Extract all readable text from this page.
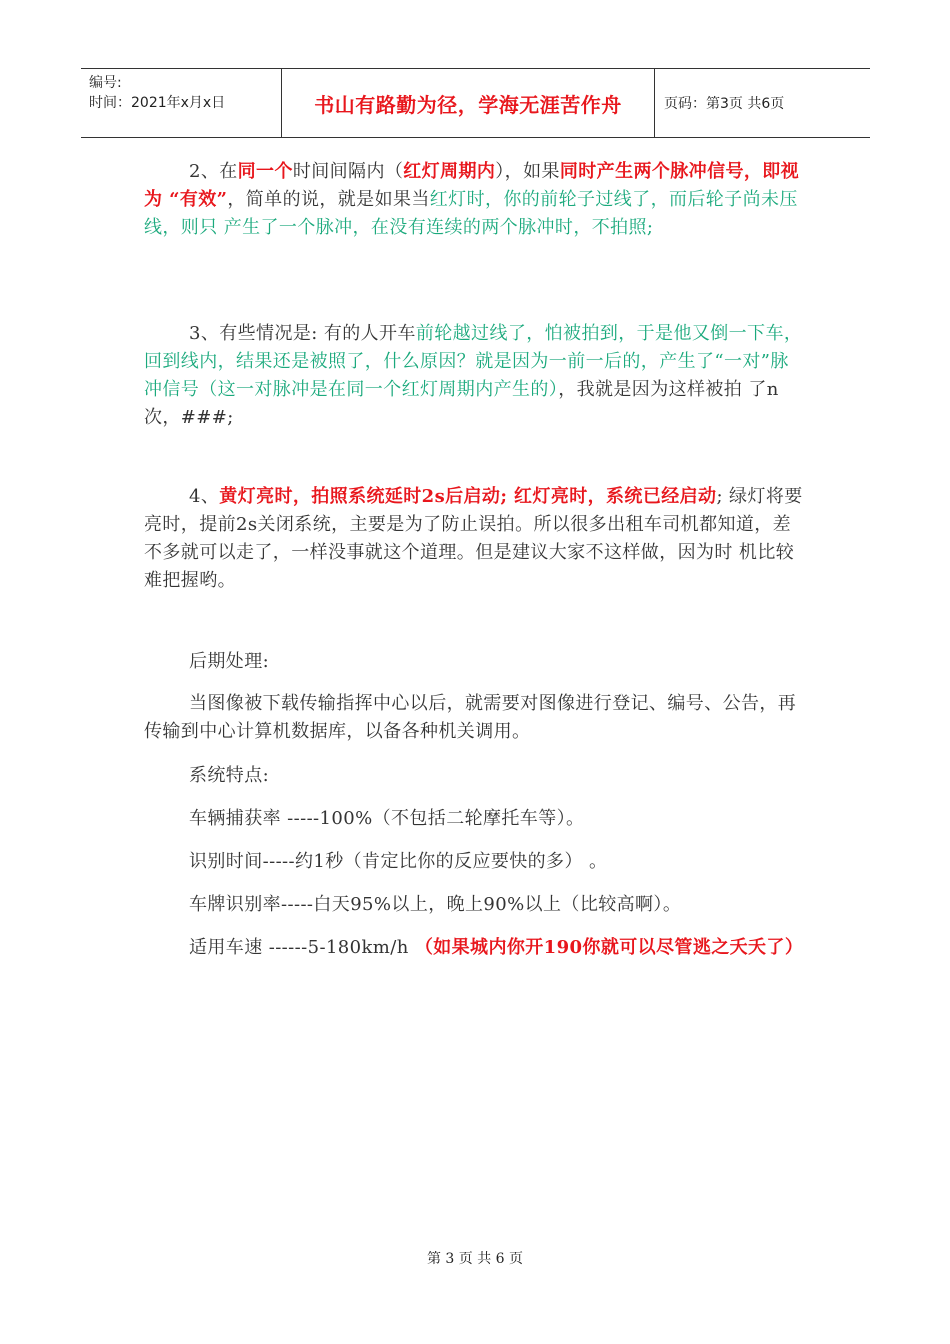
编号:
时间：2021年x月x日	书山有路勤为径，学海无涯苦作舟	页码：第3页 共6页

2、在同一个时间间隔内（红灯周期内），如果同时产生两个脉冲信号，即视为 “有效”，简单的说，就是如果当红灯时，你的前轮子过线了，而后轮子尚未压线，则只 产生了一个脉冲，在没有连续的两个脉冲时，不拍照;

3、有些情况是: 有的人开车前轮越过线了，怕被拍到，于是他又倒一下车，回到线内，结果还是被照了，什么原因？就是因为一前一后的，产生了“一对”脉冲信号（这一对脉冲是在同一个红灯周期内产生的），我就是因为这样被拍 了n次，###;

4、黄灯亮时，拍照系统延时2s后启动; 红灯亮时，系统已经启动; 绿灯将要亮时，提前2s关闭系统，主要是为了防止误拍。所以很多出租车司机都知道，差不多就可以走了，一样没事就这个道理。但是建议大家不这样做，因为时 机比较难把握哟。

后期处理:

当图像被下载传输指挥中心以后，就需要对图像进行登记、编号、公告，再传输到中心计算机数据库，以备各种机关调用。

系统特点:

车辆捕获率 -----100%（不包括二轮摩托车等）。

识别时间-----约1秒（肯定比你的反应要快的多） 。

车牌识别率-----白天95%以上，晚上90%以上（比较高啊）。

适用车速 ------5-180km/h （如果城内你开190你就可以尽管逃之夭夭了）

第 3 页 共 6 页
